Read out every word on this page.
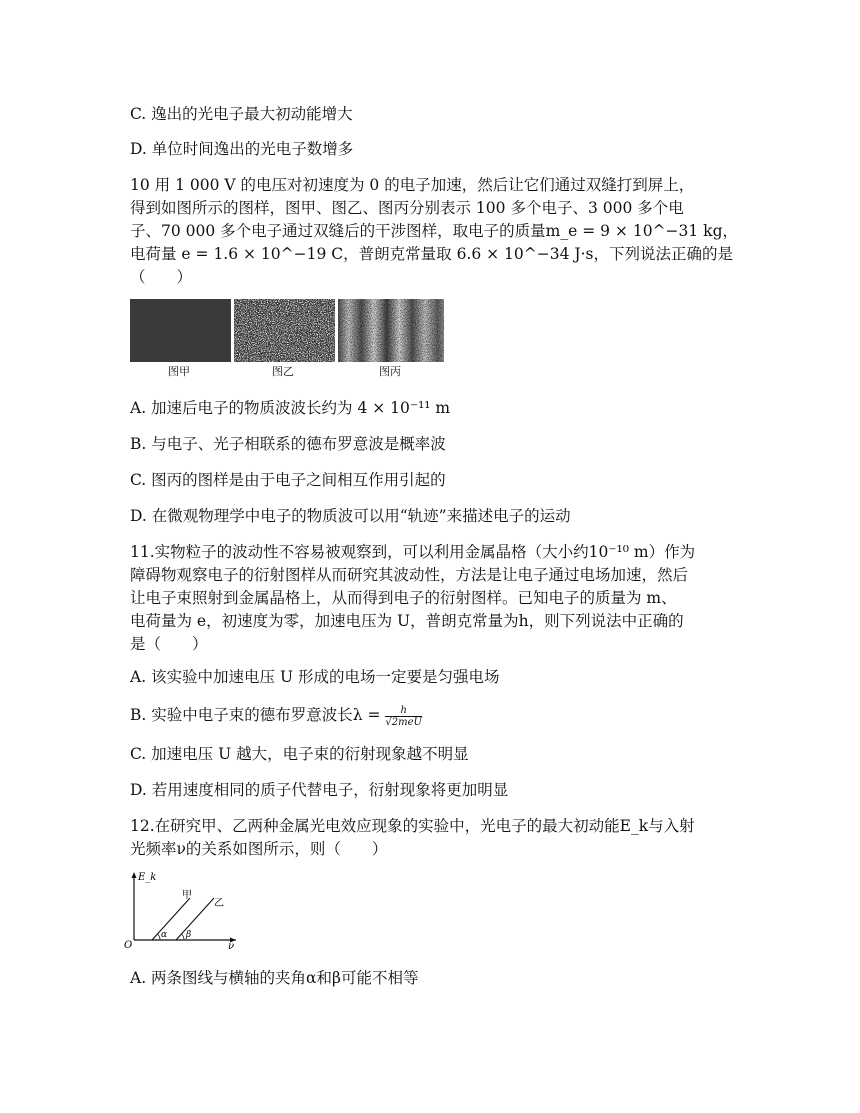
C. 逸出的光电子最大初动能增大
D. 单位时间逸出的光电子数增多
10 用 1 000 V 的电压对初速度为 0 的电子加速，然后让它们通过双缝打到屏上，
得到如图所示的图样，图甲、图乙、图丙分别表示 100 多个电子、3 000 多个电
子、70 000 多个电子通过双缝后的干涉图样，取电子的质量m_e = 9 × 10^−31 kg，
电荷量 e = 1.6 × 10^−19 C，普朗克常量取 6.6 × 10^−34 J·s，下列说法正确的是
（　　）
图甲	图乙	图丙
A. 加速后电子的物质波波长约为 4 × 10⁻¹¹ m
B. 与电子、光子相联系的德布罗意波是概率波
C. 图丙的图样是由于电子之间相互作用引起的
D. 在微观物理学中电子的物质波可以用“轨迹”来描述电子的运动
11.实物粒子的波动性不容易被观察到，可以利用金属晶格（大小约10⁻¹⁰ m）作为
障碍物观察电子的衍射图样从而研究其波动性，方法是让电子通过电场加速，然后
让电子束照射到金属晶格上，从而得到电子的衍射图样。已知电子的质量为 m、
电荷量为 e，初速度为零，加速电压为 U，普朗克常量为h，则下列说法中正确的
是（　　）
A. 该实验中加速电压 U 形成的电场一定要是匀强电场
B. 实验中电子束的德布罗意波长$\lambda = \frac{h}{\text{√2meU}}$
C. 加速电压 U 越大，电子束的衍射现象越不明显
D. 若用速度相同的质子代替电子，衍射现象将更加明显
12.在研究甲、乙两种金属光电效应现象的实验中，光电子的最大初动能E_k与入射
光频率ν的关系如图所示，则（　　）
E_k
O	ν
甲
乙
α β
A. 两条图线与横轴的夹角α和β可能不相等
